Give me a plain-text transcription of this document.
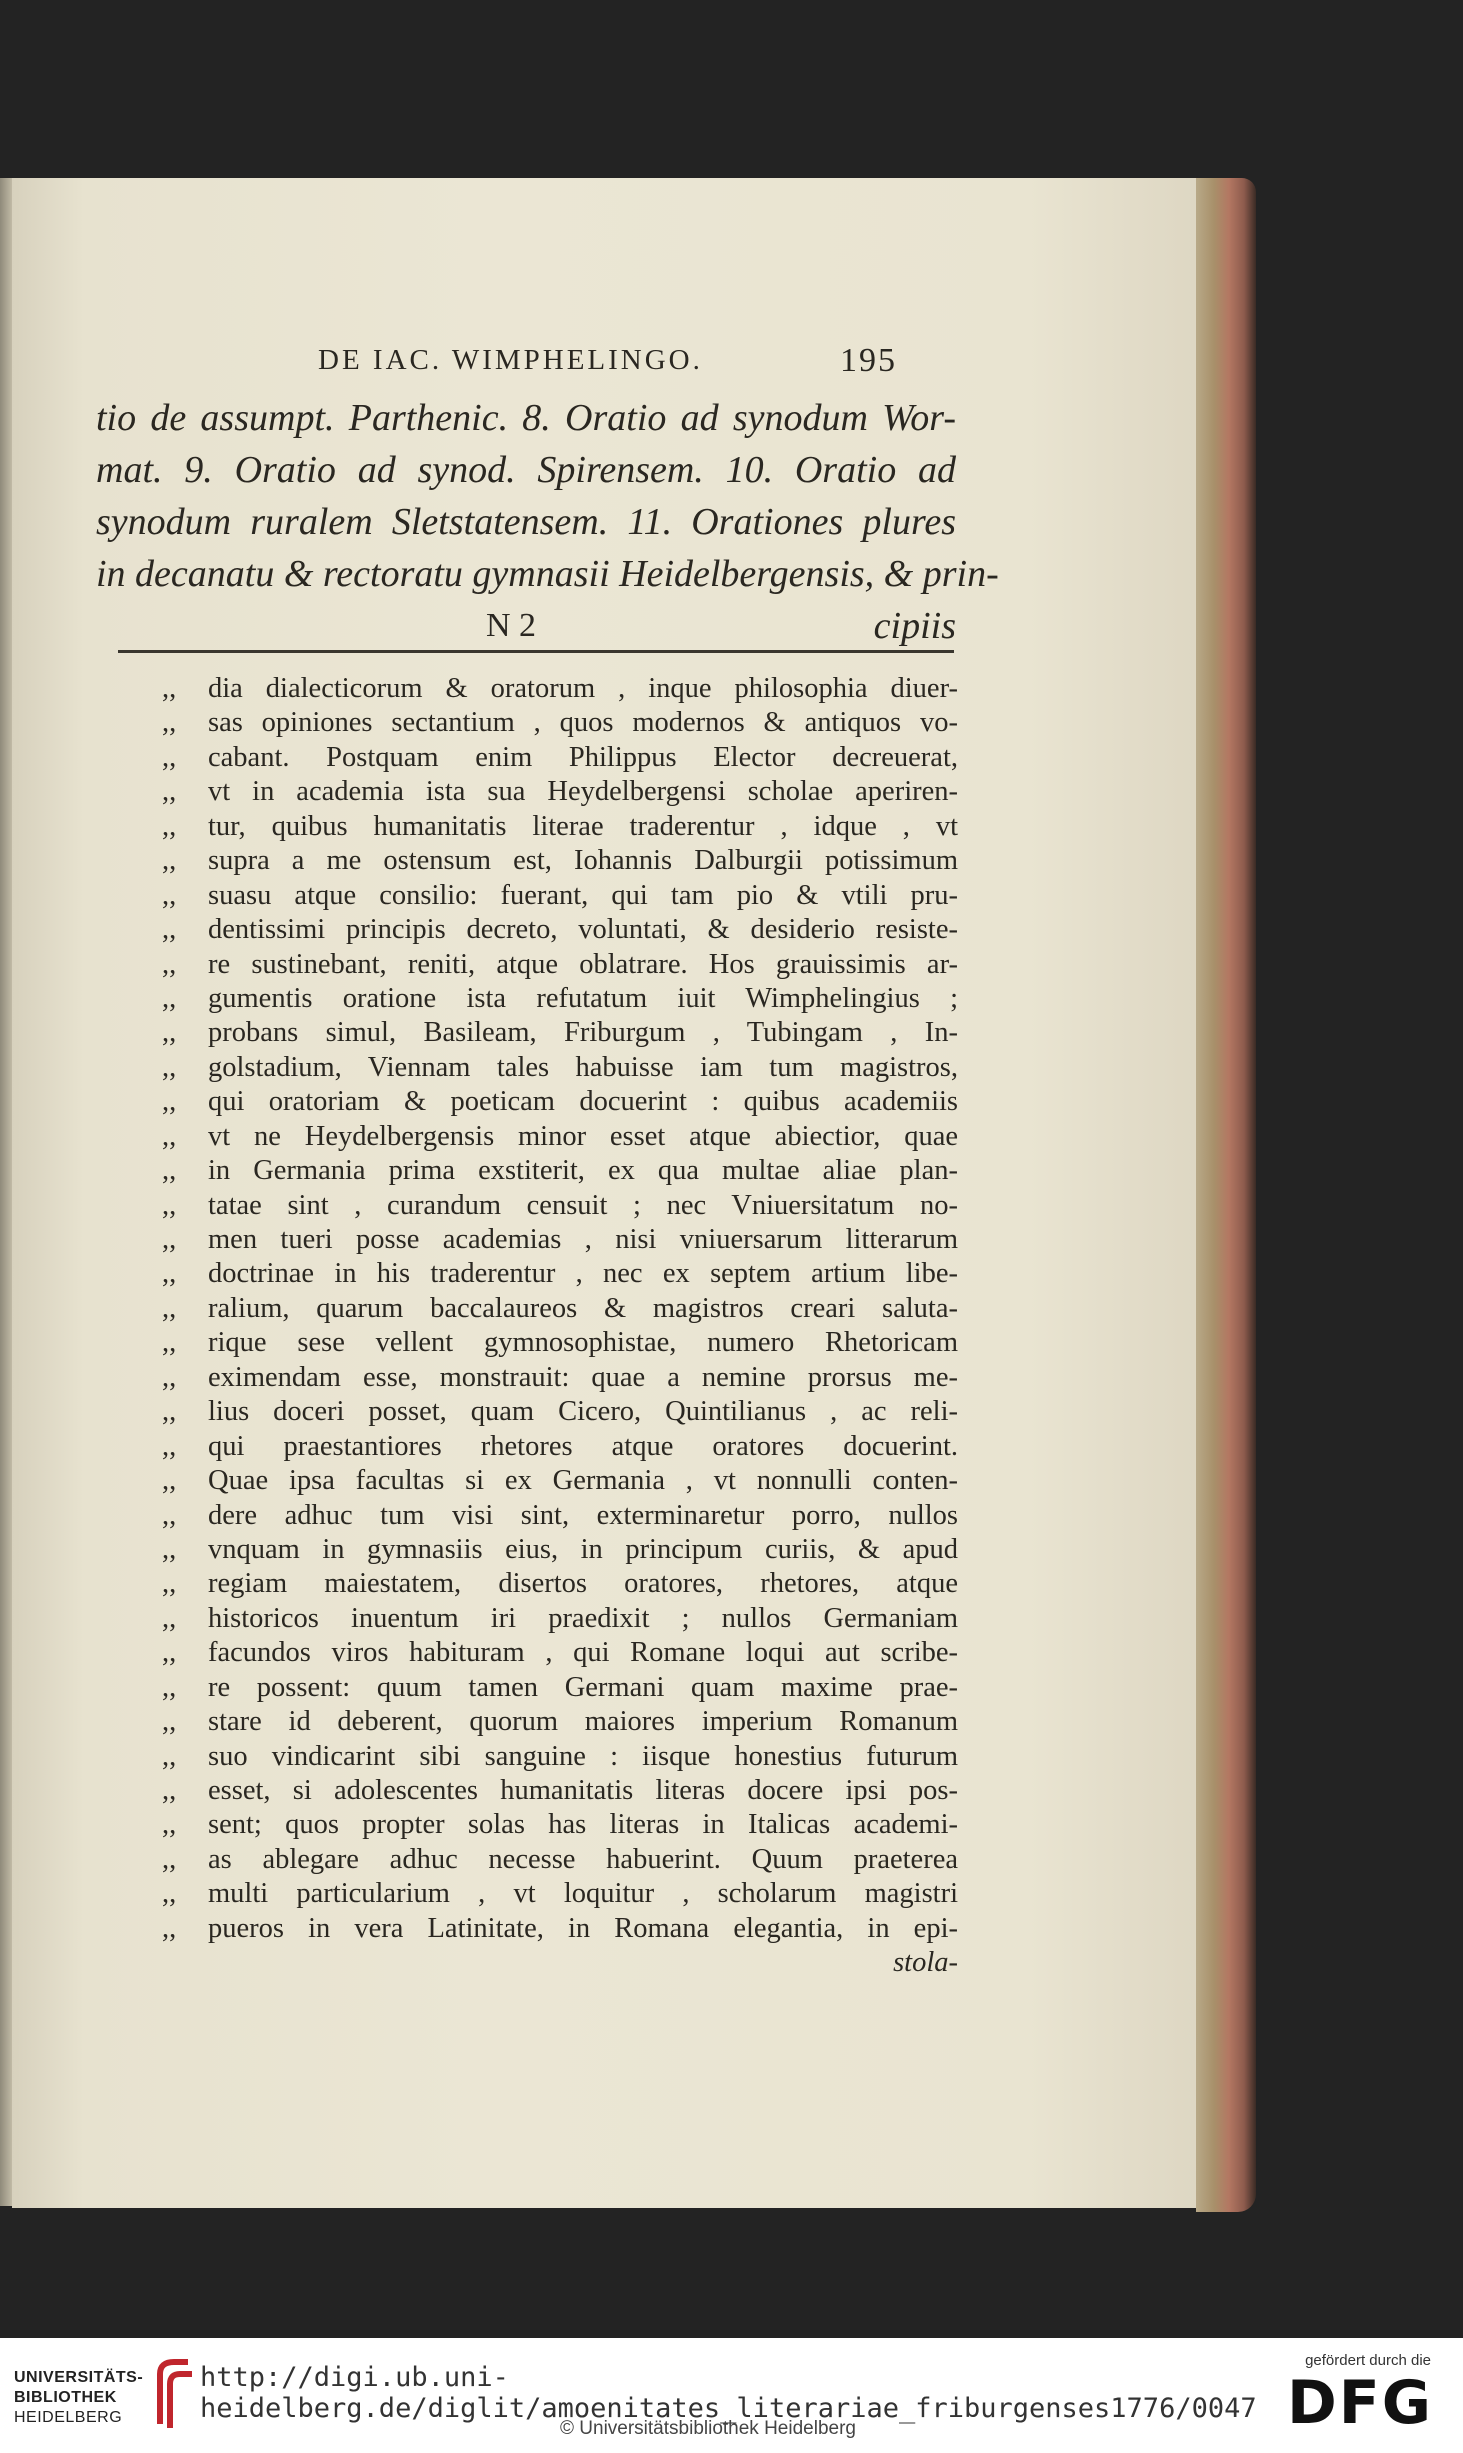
DE IAC. WIMPHELINGO.	195
tio de assumpt. Parthenic. 8. Oratio ad synodum Wor-
mat. 9. Oratio ad synod. Spirensem. 10. Oratio ad
synodum ruralem Sletstatensem. 11. Orationes plures
in decanatu & rectoratu gymnasii Heidelbergensis, & prin-
N 2	cipiis
,, dia dialecticorum & oratorum , inque philosophia diuer-
,, sas opiniones sectantium , quos modernos & antiquos vo-
,, cabant. Postquam enim Philippus Elector decreuerat,
,, vt in academia ista sua Heydelbergensi scholae aperiren-
,, tur, quibus humanitatis literae traderentur , idque , vt
,, supra a me ostensum est, Iohannis Dalburgii potissimum
,, suasu atque consilio: fuerant, qui tam pio & vtili pru-
,, dentissimi principis decreto, voluntati, & desiderio resiste-
,, re sustinebant, reniti, atque oblatrare. Hos grauissimis ar-
,, gumentis oratione ista refutatum iuit Wimphelingius ;
,, probans simul, Basileam, Friburgum , Tubingam , In-
,, golstadium, Viennam tales habuisse iam tum magistros,
,, qui oratoriam & poeticam docuerint : quibus academiis
,, vt ne Heydelbergensis minor esset atque abiectior, quae
,, in Germania prima exstiterit, ex qua multae aliae plan-
,, tatae sint , curandum censuit ; nec Vniuersitatum no-
,, men tueri posse academias , nisi vniuersarum litterarum
,, doctrinae in his traderentur , nec ex septem artium libe-
,, ralium, quarum baccalaureos & magistros creari saluta-
,, rique sese vellent gymnosophistae, numero Rhetoricam
,, eximendam esse, monstrauit: quae a nemine prorsus me-
,, lius doceri posset, quam Cicero, Quintilianus , ac reli-
,, qui praestantiores rhetores atque oratores docuerint.
,, Quae ipsa facultas si ex Germania , vt nonnulli conten-
,, dere adhuc tum visi sint, exterminaretur porro, nullos
,, vnquam in gymnasiis eius, in principum curiis, & apud
,, regiam maiestatem, disertos oratores, rhetores, atque
,, historicos inuentum iri praedixit ; nullos Germaniam
,, facundos viros habituram , qui Romane loqui aut scribe-
,, re possent: quum tamen Germani quam maxime prae-
,, stare id deberent, quorum maiores imperium Romanum
,, suo vindicarint sibi sanguine : iisque honestius futurum
,, esset, si adolescentes humanitatis literas docere ipsi pos-
,, sent; quos propter solas has literas in Italicas academi-
,, as ablegare adhuc necesse habuerint. Quum praeterea
,, multi particularium , vt loquitur , scholarum magistri
,, pueros in vera Latinitate, in Romana elegantia, in epi-
stola-
UNIVERSITÄTS-
BIBLIOTHEK
HEIDELBERG
http://digi.ub.uni-heidelberg.de/diglit/amoenitates_literariae_friburgenses1776/0047
© Universitätsbibliothek Heidelberg
gefördert durch die
DFG
